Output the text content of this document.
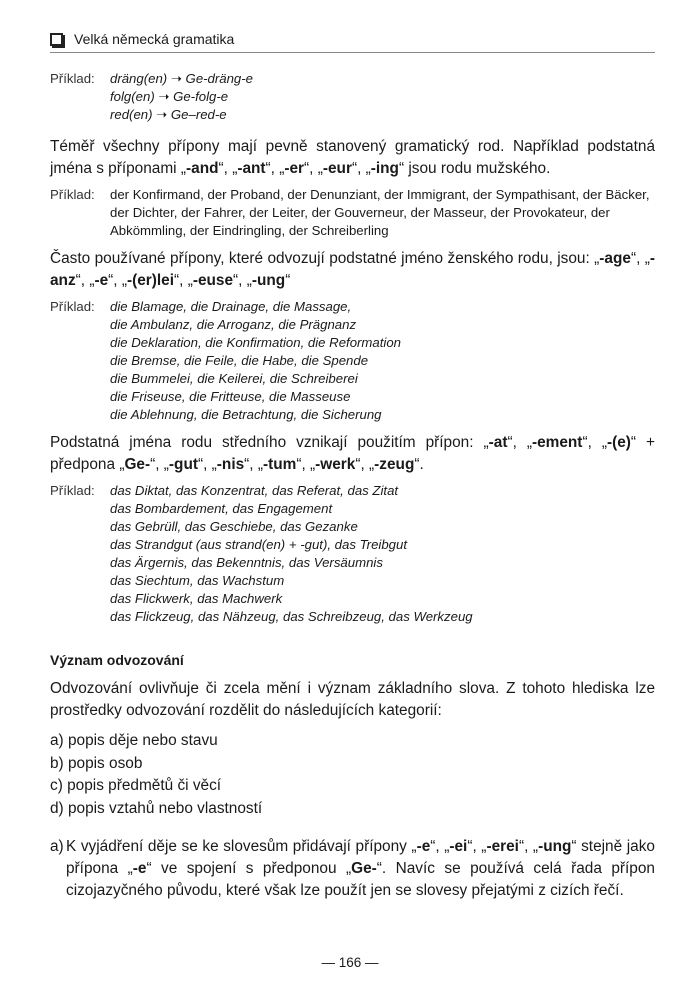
Velká německá gramatika
Příklad:	dräng(en) ➝ Ge-dräng-e
folg(en) ➝ Ge-folg-e
red(en) ➝ Ge–red-e

Téměř všechny přípony mají pevně stanovený gramatický rod. Například podstatná jména s příponami „-and“, „-ant“, „-er“, „-eur“, „-ing“ jsou rodu mužského.

Příklad:	der Konfirmand, der Proband, der Denunziant, der Immigrant, der Sympathisant, der Bäcker, der Dichter, der Fahrer, der Leiter, der Gouverneur, der Masseur, der Provokateur, der Abkömmling, der Eindringling, der Schreiberling

Často používané přípony, které odvozují podstatné jméno ženského rodu, jsou: „-age“, „-anz“, „-e“, „-(er)lei“, „-euse“, „-ung“

Příklad:	die Blamage, die Drainage, die Massage,
die Ambulanz, die Arroganz, die Prägnanz
die Deklaration, die Konfirmation, die Reformation
die Bremse, die Feile, die Habe, die Spende
die Bummelei, die Keilerei, die Schreiberei
die Friseuse, die Fritteuse, die Masseuse
die Ablehnung, die Betrachtung, die Sicherung

Podstatná jména rodu středního vznikají použitím přípon: „-at“, „-ement“, „-(e)“ + předpona „Ge-“, „-gut“, „-nis“, „-tum“, „-werk“, „-zeug“.

Příklad:	das Diktat, das Konzentrat, das Referat, das Zitat
das Bombardement, das Engagement
das Gebrüll, das Geschiebe, das Gezanke
das Strandgut (aus strand(en) + -gut), das Treibgut
das Ärgernis, das Bekenntnis, das Versäumnis
das Siechtum, das Wachstum
das Flickwerk, das Machwerk
das Flickzeug, das Nähzeug, das Schreibzeug, das Werkzeug
Význam odvozování

Odvozování ovlivňuje či zcela mění i význam základního slova. Z tohoto hlediska lze prostředky odvozování rozdělit do následujících kategorií:

a) popis děje nebo stavu
b) popis osob
c) popis předmětů či věcí
d) popis vztahů nebo vlastností
a) K vyjádření děje se ke slovesům přidávají přípony „-e“, „-ei“, „-erei“, „-ung“ stejně jako přípona „-e“ ve spojení s předponou „Ge-“. Navíc se používá celá řada přípon cizojazyčného původu, které však lze použít jen se slovesy přejatými z cizích řečí.
— 166 —
